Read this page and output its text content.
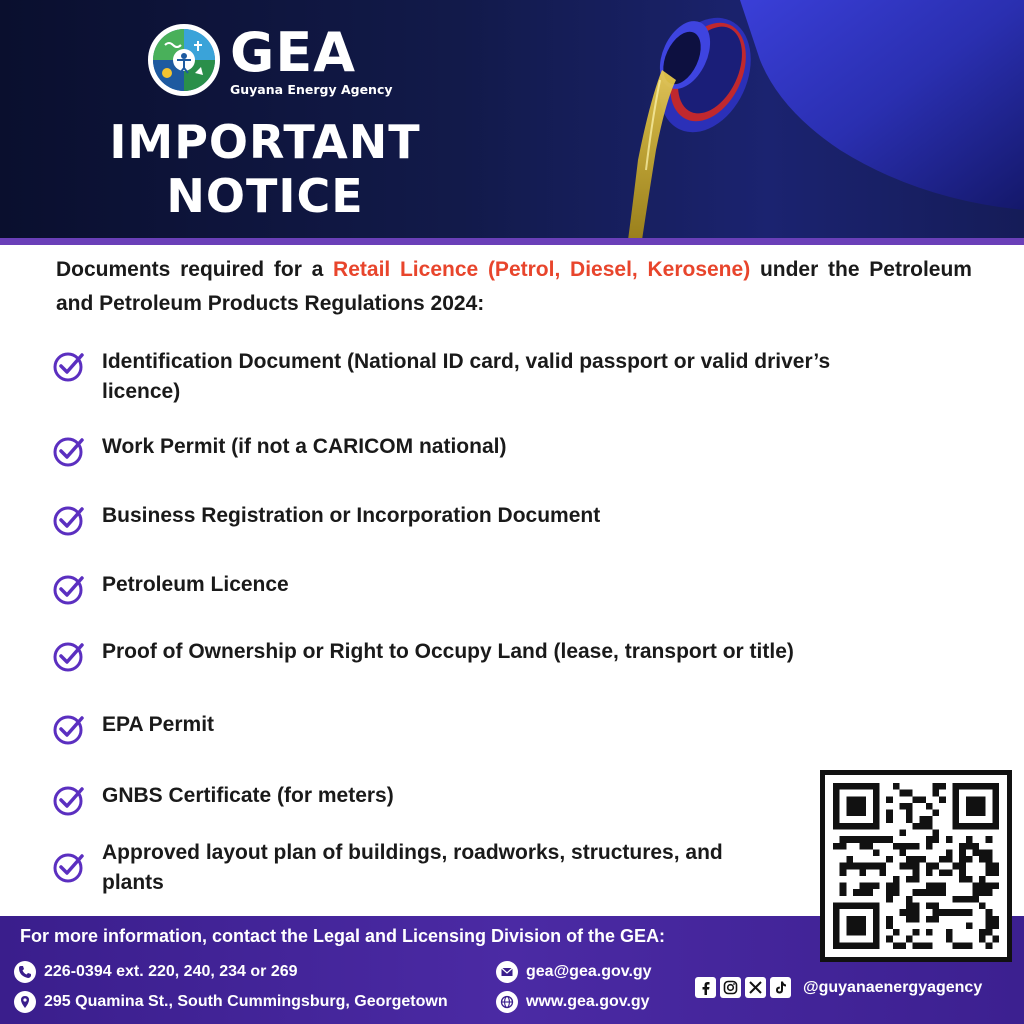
GEA
Guyana Energy Agency
IMPORTANT
NOTICE
Documents required for a Retail Licence (Petrol, Diesel, Kerosene) under the Petroleum and Petroleum Products Regulations 2024:
Identification Document (National ID card, valid passport or valid driver’s
licence)
Work Permit (if not a CARICOM national)
Business Registration or Incorporation Document
Petroleum Licence
Proof of Ownership or Right to Occupy Land (lease, transport or title)
EPA Permit
GNBS Certificate (for meters)
Approved layout plan of buildings, roadworks, structures, and
plants
For more information, contact the Legal and Licensing Division of the GEA:
226-0394 ext. 220, 240, 234 or 269
295 Quamina St., South Cummingsburg, Georgetown
gea@gea.gov.gy
www.gea.gov.gy
@guyanaenergyagency
